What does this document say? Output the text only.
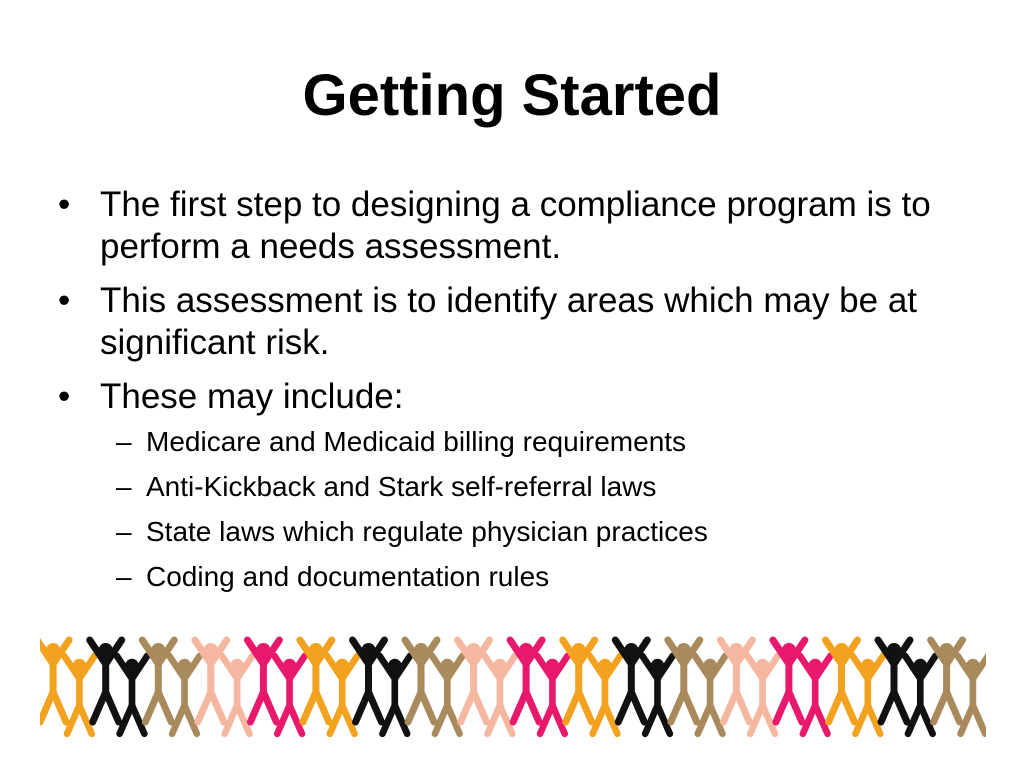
Getting Started
• The first step to designing a compliance program is to perform a needs assessment.
• This assessment is to identify areas which may be at significant risk.
• These may include:
– Medicare and Medicaid billing requirements
– Anti-Kickback and Stark self-referral laws
– State laws which regulate physician practices
– Coding and documentation rules
